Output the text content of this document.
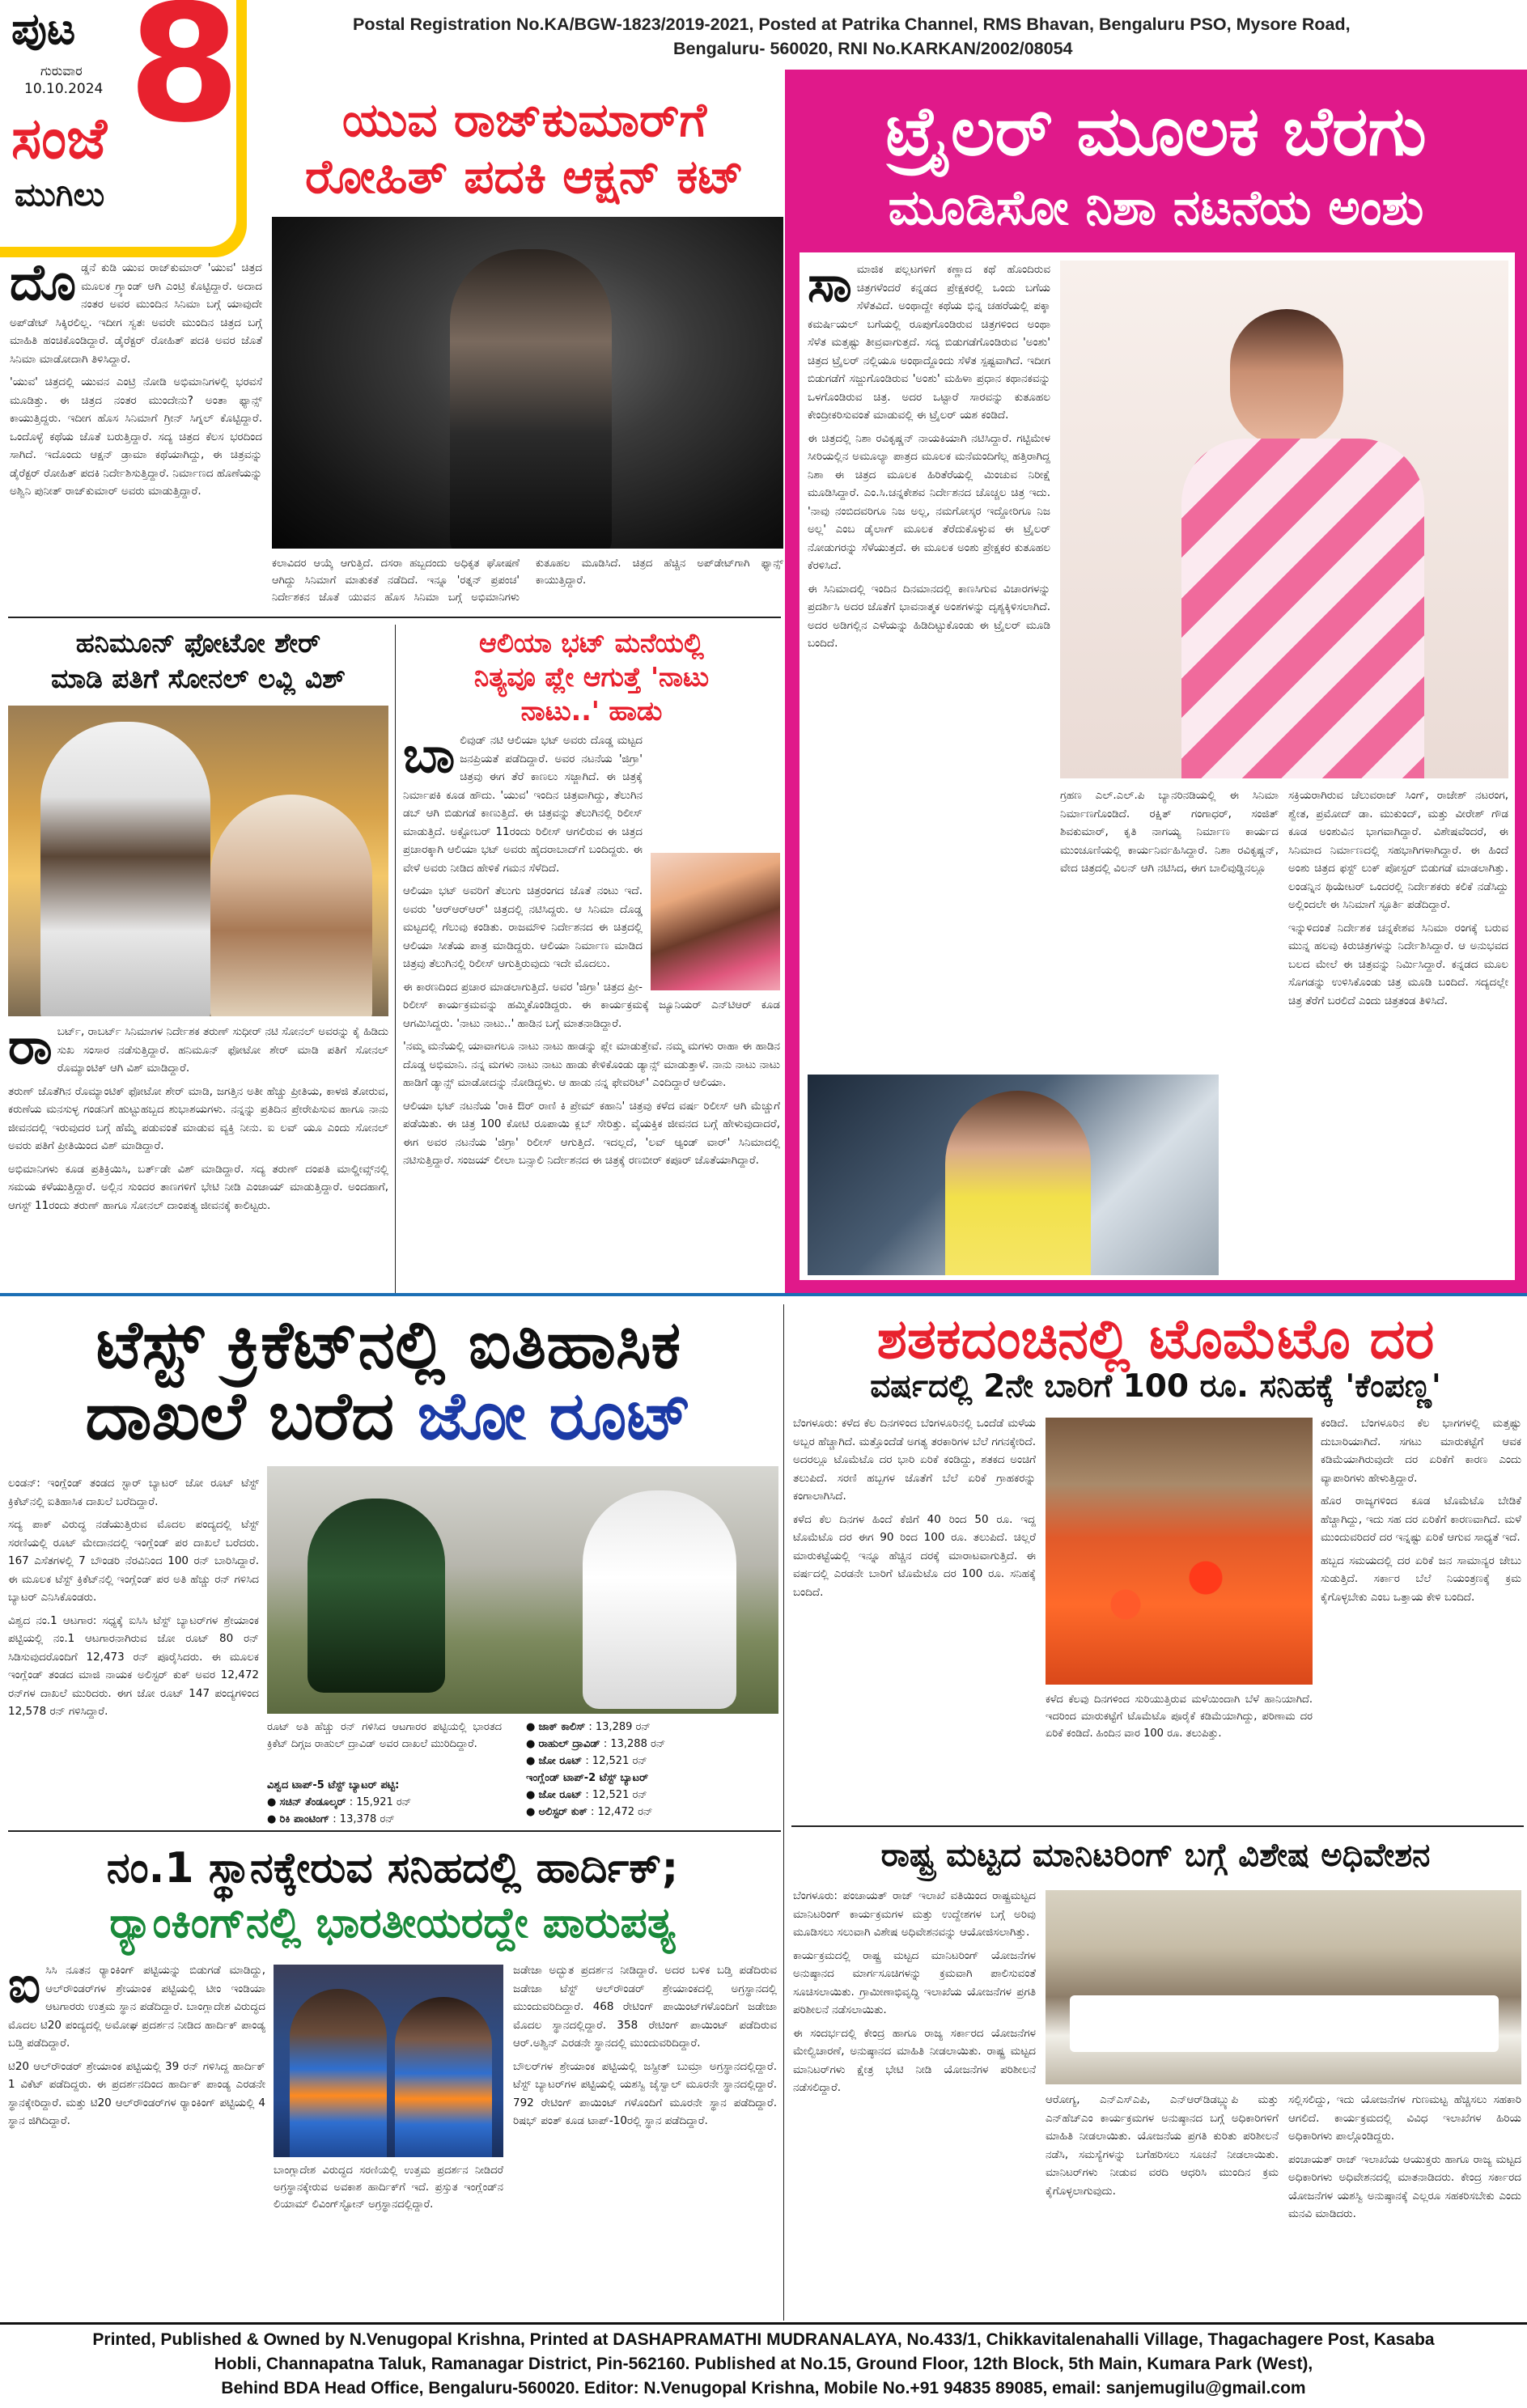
ಪುಟ
ಗುರುವಾರ
10.10.2024 8
ಸಂಜೆ
ಮುಗಿಲು
Postal Registration No.KA/BGW-1823/2019-2021, Posted at Patrika Channel, RMS Bhavan, Bengaluru PSO, Mysore Road,
Bengaluru- 560020, RNI No.KARKAN/2002/08054
ಯುವ ರಾಜ್‌ಕುಮಾರ್‌ಗೆ
ರೋಹಿತ್ ಪದಕಿ ಆಕ್ಷನ್ ಕಟ್
ದೊ ಡ್ಡನೆ ಕುಡಿ ಯುವ ರಾಜ್‌ಕುಮಾರ್ 'ಯುವ' ಚಿತ್ರದ ಮೂಲಕ ಗ್ರ್ಯಾಂಡ್ ಆಗಿ ಎಂಟ್ರಿ ಕೊಟ್ಟಿದ್ದಾರೆ. ಅದಾದ ನಂತರ ಅವರ ಮುಂದಿನ ಸಿನಿಮಾ ಬಗ್ಗೆ ಯಾವುದೇ ಅಪ್‌ಡೇಟ್ ಸಿಕ್ಕಿರಲಿಲ್ಲ. ಇದೀಗ ಸ್ವತಃ ಅವರೇ ಮುಂದಿನ ಚಿತ್ರದ ಬಗ್ಗೆ ಮಾಹಿತಿ ಹಂಚಿಕೊಂಡಿದ್ದಾರೆ. ಡೈರೆಕ್ಟರ್ ರೋಹಿತ್ ಪದಕಿ ಅವರ ಜೊತೆ ಸಿನಿಮಾ ಮಾಡೋದಾಗಿ ತಿಳಿಸಿದ್ದಾರೆ.

'ಯುವ' ಚಿತ್ರದಲ್ಲಿ ಯುವನ ಎಂಟ್ರಿ ನೋಡಿ ಅಭಿಮಾನಿಗಳಲ್ಲಿ ಭರವಸೆ ಮೂಡಿತ್ತು. ಈ ಚಿತ್ರದ ನಂತರ ಮುಂದೇನು? ಅಂತಾ ಫ್ಯಾನ್ಸ್ ಕಾಯುತ್ತಿದ್ದರು. ಇದೀಗ ಹೊಸ ಸಿನಿಮಾಗೆ ಗ್ರೀನ್ ಸಿಗ್ನಲ್ ಕೊಟ್ಟಿದ್ದಾರೆ. ಒಂದೊಳ್ಳೆ ಕಥೆಯ ಜೊತೆ ಬರುತ್ತಿದ್ದಾರೆ. ಸದ್ಯ ಚಿತ್ರದ ಕೆಲಸ ಭರದಿಂದ ಸಾಗಿದೆ. ಇದೊಂದು ಆಕ್ಷನ್ ಡ್ರಾಮಾ ಕಥೆಯಾಗಿದ್ದು, ಈ ಚಿತ್ರವನ್ನು ಡೈರೆಕ್ಟರ್ ರೋಹಿತ್ ಪದಕಿ ನಿರ್ದೇಶಿಸುತ್ತಿದ್ದಾರೆ. ನಿರ್ಮಾಣದ ಹೊಣೆಯನ್ನು ಅಶ್ವಿನಿ ಪುನೀತ್ ರಾಜ್‌ಕುಮಾರ್ ಅವರು ಮಾಡುತ್ತಿದ್ದಾರೆ.

ಕಲಾವಿದರ ಆಯ್ಕೆ ಆಗುತ್ತಿದೆ. ದಸರಾ ಹಬ್ಬದಂದು ಅಧಿಕೃತ ಘೋಷಣೆ ಆಗಿದ್ದು ಸಿನಿಮಾಗೆ ಮಾತುಕತೆ ನಡೆದಿದೆ. ಇನ್ನೂ 'ರತ್ನನ್ ಪ್ರಪಂಚ' ನಿರ್ದೇಶಕನ ಜೊತೆ ಯುವನ ಹೊಸ ಸಿನಿಮಾ ಬಗ್ಗೆ ಅಭಿಮಾನಿಗಳು ಕುತೂಹಲ ಮೂಡಿಸಿದೆ. ಚಿತ್ರದ ಹೆಚ್ಚಿನ ಅಪ್‌ಡೇಟ್‌ಗಾಗಿ ಫ್ಯಾನ್ಸ್ ಕಾಯುತ್ತಿದ್ದಾರೆ.
ಹನಿಮೂನ್ ಫೋಟೋ ಶೇರ್
ಮಾಡಿ ಪತಿಗೆ ಸೋನಲ್ ಲವ್ಲಿ ವಿಶ್
ರಾ ಬರ್ಟ್, ರಾಬರ್ಟ್ ಸಿನಿಮಾಗಳ ನಿರ್ದೇಶಕ ತರುಣ್ ಸುಧೀರ್ ನಟಿ ಸೋನಲ್ ಅವರನ್ನು ಕೈ ಹಿಡಿದು ಸುಖ ಸಂಸಾರ ನಡೆಸುತ್ತಿದ್ದಾರೆ. ಹನಿಮೂನ್ ಫೋಟೋ ಶೇರ್ ಮಾಡಿ ಪತಿಗೆ ಸೋನಲ್ ರೊಮ್ಯಾಂಟಿಕ್ ಆಗಿ ವಿಶ್ ಮಾಡಿದ್ದಾರೆ.

ತರುಣ್ ಜೊತೆಗಿನ ರೊಮ್ಯಾಂಟಿಕ್ ಫೋಟೋ ಶೇರ್ ಮಾಡಿ, ಜಗತ್ತಿನ ಅತೀ ಹೆಚ್ಚು ಪ್ರೀತಿಯ, ಕಾಳಜಿ ತೋರುವ, ಕರುಣೆಯ ಮನಸುಳ್ಳ ಗಂಡನಿಗೆ ಹುಟ್ಟುಹಬ್ಬದ ಶುಭಾಶಯಗಳು. ನನ್ನನ್ನು ಪ್ರತಿದಿನ ಪ್ರೇರೇಪಿಸುವ ಹಾಗೂ ನಾನು ಜೀವನದಲ್ಲಿ ಇರುವುದರ ಬಗ್ಗೆ ಹೆಮ್ಮೆ ಪಡುವಂತೆ ಮಾಡುವ ವ್ಯಕ್ತಿ ನೀನು. ಐ ಲವ್ ಯೂ ಎಂದು ಸೋನಲ್ ಅವರು ಪತಿಗೆ ಪ್ರೀತಿಯಿಂದ ವಿಶ್ ಮಾಡಿದ್ದಾರೆ.

ಅಭಿಮಾನಿಗಳು ಕೂಡ ಪ್ರತಿಕ್ರಿಯಿಸಿ, ಬರ್ತ್‌ಡೇ ವಿಶ್ ಮಾಡಿದ್ದಾರೆ. ಸದ್ಯ ತರುಣ್ ದಂಪತಿ ಮಾಲ್ಡೀವ್ಸ್‌ನಲ್ಲಿ ಸಮಯ ಕಳೆಯುತ್ತಿದ್ದಾರೆ. ಅಲ್ಲಿನ ಸುಂದರ ತಾಣಗಳಿಗೆ ಭೇಟಿ ನೀಡಿ ಎಂಜಾಯ್ ಮಾಡುತ್ತಿದ್ದಾರೆ. ಅಂದಹಾಗೆ, ಆಗಸ್ಟ್ 11ರಂದು ತರುಣ್ ಹಾಗೂ ಸೋನಲ್ ದಾಂಪತ್ಯ ಜೀವನಕ್ಕೆ ಕಾಲಿಟ್ಟರು.

ಆಲಿಯಾ ಭಟ್ ಮನೆಯಲ್ಲಿ
ನಿತ್ಯವೂ ಪ್ಲೇ ಆಗುತ್ತೆ 'ನಾಟು
ನಾಟು..' ಹಾಡು
ಬಾ ಲಿವುಡ್ ನಟಿ ಆಲಿಯಾ ಭಟ್ ಅವರು ದೊಡ್ಡ ಮಟ್ಟದ ಜನಪ್ರಿಯತೆ ಪಡೆದಿದ್ದಾರೆ. ಅವರ ನಟನೆಯ 'ಜಿಗ್ರಾ' ಚಿತ್ರವು ಈಗ ತೆರೆ ಕಾಣಲು ಸಜ್ಜಾಗಿದೆ. ಈ ಚಿತ್ರಕ್ಕೆ ನಿರ್ಮಾಪಕಿ ಕೂಡ ಹೌದು. 'ಯುವ' ಇಂದಿನ ಚಿತ್ರವಾಗಿದ್ದು, ತೆಲುಗಿನ ಡಬ್ ಆಗಿ ಬಿಡುಗಡೆ ಕಾಣುತ್ತಿದೆ. ಈ ಚಿತ್ರವನ್ನು ತೆಲುಗಿನಲ್ಲಿ ರಿಲೀಸ್ ಮಾಡುತ್ತಿದೆ. ಅಕ್ಟೋಬರ್ 11ರಂದು ರಿಲೀಸ್ ಆಗಲಿರುವ ಈ ಚಿತ್ರದ ಪ್ರಚಾರಕ್ಕಾಗಿ ಆಲಿಯಾ ಭಟ್ ಅವರು ಹೈದರಾಬಾದ್‌ಗೆ ಬಂದಿದ್ದರು. ಈ ವೇಳೆ ಅವರು ನೀಡಿದ ಹೇಳಿಕೆ ಗಮನ ಸೆಳೆದಿದೆ.

ಆಲಿಯಾ ಭಟ್ ಅವರಿಗೆ ತೆಲುಗು ಚಿತ್ರರಂಗದ ಜೊತೆ ನಂಟು ಇದೆ. ಅವರು 'ಆರ್‌ಆರ್‌ಆರ್' ಚಿತ್ರದಲ್ಲಿ ನಟಿಸಿದ್ದರು. ಆ ಸಿನಿಮಾ ದೊಡ್ಡ ಮಟ್ಟದಲ್ಲಿ ಗೆಲುವು ಕಂಡಿತು. ರಾಜಮೌಳಿ ನಿರ್ದೇಶನದ ಈ ಚಿತ್ರದಲ್ಲಿ ಆಲಿಯಾ ಸೀತೆಯ ಪಾತ್ರ ಮಾಡಿದ್ದರು. ಆಲಿಯಾ ನಿರ್ಮಾಣ ಮಾಡಿದ ಚಿತ್ರವು ತೆಲುಗಿನಲ್ಲಿ ರಿಲೀಸ್ ಆಗುತ್ತಿರುವುದು ಇದೇ ಮೊದಲು.

ಈ ಕಾರಣದಿಂದ ಪ್ರಚಾರ ಮಾಡಲಾಗುತ್ತಿದೆ. ಅವರ 'ಜಿಗ್ರಾ' ಚಿತ್ರದ ಪ್ರೀ-ರಿಲೀಸ್ ಕಾರ್ಯಕ್ರಮವನ್ನು ಹಮ್ಮಿಕೊಂಡಿದ್ದರು. ಈ ಕಾರ್ಯಕ್ರಮಕ್ಕೆ ಜ್ಯೂನಿಯರ್ ಎನ್‌ಟಿಆರ್ ಕೂಡ ಆಗಮಿಸಿದ್ದರು. 'ನಾಟು ನಾಟು..' ಹಾಡಿನ ಬಗ್ಗೆ ಮಾತನಾಡಿದ್ದಾರೆ.

'ನಮ್ಮ ಮನೆಯಲ್ಲಿ ಯಾವಾಗಲೂ ನಾಟು ನಾಟು ಹಾಡನ್ನು ಪ್ಲೇ ಮಾಡುತ್ತೇವೆ. ನಮ್ಮ ಮಗಳು ರಾಹಾ ಈ ಹಾಡಿನ ದೊಡ್ಡ ಅಭಿಮಾನಿ. ನನ್ನ ಮಗಳು ನಾಟು ನಾಟು ಹಾಡು ಕೇಳಿಕೊಂಡು ಡ್ಯಾನ್ಸ್ ಮಾಡುತ್ತಾಳೆ. ನಾನು ನಾಟು ನಾಟು ಹಾಡಿಗೆ ಡ್ಯಾನ್ಸ್ ಮಾಡೋದನ್ನು ನೋಡಿದ್ದಳು. ಆ ಹಾಡು ನನ್ನ ಫೇವರಿಟ್' ಎಂದಿದ್ದಾರೆ ಆಲಿಯಾ.

ಆಲಿಯಾ ಭಟ್ ನಟನೆಯ 'ರಾಕಿ ಔರ್ ರಾಣಿ ಕಿ ಪ್ರೇಮ್ ಕಹಾನಿ' ಚಿತ್ರವು ಕಳೆದ ವರ್ಷ ರಿಲೀಸ್ ಆಗಿ ಮೆಚ್ಚುಗೆ ಪಡೆಯಿತು. ಈ ಚಿತ್ರ 100 ಕೋಟಿ ರೂಪಾಯಿ ಕ್ಲಬ್ ಸೇರಿತ್ತು. ವೈಯಕ್ತಿಕ ಜೀವನದ ಬಗ್ಗೆ ಹೇಳುವುದಾದರೆ, ಈಗ ಅವರ ನಟನೆಯ 'ಜಿಗ್ರಾ' ರಿಲೀಸ್ ಆಗುತ್ತಿದೆ. ಇದಲ್ಲದೆ, 'ಲವ್ ಆ್ಯಂಡ್ ವಾರ್' ಸಿನಿಮಾದಲ್ಲಿ ನಟಿಸುತ್ತಿದ್ದಾರೆ. ಸಂಜಯ್ ಲೀಲಾ ಬನ್ಸಾಲಿ ನಿರ್ದೇಶನದ ಈ ಚಿತ್ರಕ್ಕೆ ರಣಬೀರ್ ಕಪೂರ್ ಜೊತೆಯಾಗಿದ್ದಾರೆ.

ಟ್ರೈಲರ್ ಮೂಲಕ ಬೆರಗು
ಮೂಡಿಸೋ ನಿಶಾ ನಟನೆಯ ಅಂಶು
ಸಾ ಮಾಜಿಕ ಪಲ್ಲಟಗಳಿಗೆ ಕಣ್ಣಾದ ಕಥೆ ಹೊಂದಿರುವ ಚಿತ್ರಗಳೆಂದರೆ ಕನ್ನಡದ ಪ್ರೇಕ್ಷಕರಲ್ಲಿ ಒಂದು ಬಗೆಯ ಸೆಳೆತವಿದೆ. ಅಂಥಾದ್ದೇ ಕಥೆಯ ಭಿನ್ನ ಚಹರೆಯಲ್ಲಿ ಪಕ್ಕಾ ಕಮರ್ಷಿಯಲ್ ಬಗೆಯಲ್ಲಿ ರೂಪುಗೊಂಡಿರುವ ಚಿತ್ರಗಳಿಂದ ಅಂಥಾ ಸೆಳೆತ ಮತ್ತಷ್ಟು ತೀವ್ರವಾಗುತ್ತದೆ. ಸದ್ಯ ಬಿಡುಗಡೆಗೊಂಡಿರುವ 'ಅಂಶು' ಚಿತ್ರದ ಟ್ರೈಲರ್ ನಲ್ಲಿಯೂ ಅಂಥಾದ್ದೊಂದು ಸೆಳೆತ ಸ್ಪಷ್ಟವಾಗಿದೆ. ಇದೀಗ ಬಿಡುಗಡೆಗೆ ಸಜ್ಜುಗೊಂಡಿರುವ 'ಅಂಶು' ಮಹಿಳಾ ಪ್ರಧಾನ ಕಥಾನಕವನ್ನು ಒಳಗೊಂಡಿರುವ ಚಿತ್ರ. ಅದರ ಒಟ್ಟಾರೆ ಸಾರವನ್ನು ಕುತೂಹಲ ಕೇಂದ್ರೀಕರಿಸುವಂತೆ ಮಾಡುವಲ್ಲಿ ಈ ಟ್ರೈಲರ್ ಯಶ ಕಂಡಿದೆ.

ಈ ಚಿತ್ರದಲ್ಲಿ ನಿಶಾ ರವಿಕೃಷ್ಣನ್ ನಾಯಕಿಯಾಗಿ ನಟಿಸಿದ್ದಾರೆ. ಗಟ್ಟಿಮೇಳ ಸೀರಿಯಲ್ಲಿನ ಅಮೂಲ್ಯಾ ಪಾತ್ರದ ಮೂಲಕ ಮನೆಮಂದಿಗೆಲ್ಲ ಹತ್ತಿರಾಗಿದ್ದ ನಿಶಾ ಈ ಚಿತ್ರದ ಮೂಲಕ ಹಿರಿತೆರೆಯಲ್ಲಿ ಮಿಂಚುವ ನಿರೀಕ್ಷೆ ಮೂಡಿಸಿದ್ದಾರೆ. ಎಂ.ಸಿ.ಚನ್ನಕೇಶವ ನಿರ್ದೇಶನದ ಚೊಚ್ಚಲ ಚಿತ್ರ ಇದು. 'ನಾವು ನಂಬಿದವರಿಗೂ ನಿಜ ಅಲ್ಲ, ನಮಗೋಸ್ಕರ ಇದ್ದೋರಿಗೂ ನಿಜ ಅಲ್ಲ' ಎಂಬ ಡೈಲಾಗ್ ಮೂಲಕ ತೆರೆದುಕೊಳ್ಳುವ ಈ ಟ್ರೈಲರ್ ನೋಡುಗರನ್ನು ಸೆಳೆಯುತ್ತದೆ. ಈ ಮೂಲಕ ಅಂಶು ಪ್ರೇಕ್ಷಕರ ಕುತೂಹಲ ಕೆರಳಿಸಿದೆ.

ಈ ಸಿನಿಮಾದಲ್ಲಿ ಇಂದಿನ ದಿನಮಾನದಲ್ಲಿ ಕಾಣಸಿಗುವ ವಿಚಾರಗಳನ್ನು ಪ್ರದರ್ಶಿಸಿ ಅದರ ಜೊತೆಗೆ ಭಾವನಾತ್ಮಕ ಅಂಶಗಳನ್ನು ದೃಶ್ಯಕ್ಕಿಳಿಸಲಾಗಿದೆ. ಅದರ ಅಡಿಗಲ್ಲಿನ ಎಳೆಯನ್ನು ಹಿಡಿದಿಟ್ಟುಕೊಂಡು ಈ ಟ್ರೈಲರ್ ಮೂಡಿ ಬಂದಿದೆ.

ಗ್ರಹಣ ಎಲ್.ಎಲ್.ಪಿ ಬ್ಯಾನರಿನಡಿಯಲ್ಲಿ ಈ ಸಿನಿಮಾ ನಿರ್ಮಾಣಗೊಂಡಿದೆ. ರಕ್ಷಿತ್ ಗಂಗಾಧರ್, ಸಂಜಿತ್ ಶಿವಕುಮಾರ್, ಕೃತಿ ನಾಗಯ್ಯ ನಿರ್ಮಾಣ ಕಾರ್ಯದ ಮುಂಚೂಣಿಯಲ್ಲಿ ಕಾರ್ಯನಿರ್ವಹಿಸಿದ್ದಾರೆ. ನಿಶಾ ರವಿಕೃಷ್ಣನ್, ವೇದ ಚಿತ್ರದಲ್ಲಿ ವಿಲನ್ ಆಗಿ ನಟಿಸಿದ, ಈಗ ಬಾಲಿವುಡ್ಡಿನಲ್ಲೂ

ಸಕ್ರಿಯರಾಗಿರುವ ಚೆಲುವರಾಜ್ ಸಿಂಗ್, ರಾಜೇಶ್ ನಟರಂಗ, ಶ್ವೇತ, ಪ್ರಮೋದ್ ಡಾ. ಮುಕುಂದ್, ಮತ್ತು ವೀರೇಶ್ ಗೌಡ ಕೂಡ ಅಂಶುವಿನ ಭಾಗವಾಗಿದ್ದಾರೆ. ವಿಶೇಷವೆಂದರೆ, ಈ ಸಿನಿಮಾದ ನಿರ್ಮಾಣದಲ್ಲಿ ಸಹಭಾಗಿಗಳಾಗಿದ್ದಾರೆ. ಈ ಹಿಂದೆ ಅಂಶು ಚಿತ್ರದ ಫಸ್ಟ್ ಲುಕ್ ಪೋಸ್ಟರ್ ಬಿಡುಗಡೆ ಮಾಡಲಾಗಿತ್ತು. ಲಂಡನ್ನಿನ ಥಿಯೇಟರ್ ಒಂದರಲ್ಲಿ ನಿರ್ದೇಶಕರು ಕಲಿಕೆ ನಡೆಸಿದ್ದು ಅಲ್ಲಿಂದಲೇ ಈ ಸಿನಿಮಾಗೆ ಸ್ಫೂರ್ತಿ ಪಡೆದಿದ್ದಾರೆ.

ಇನ್ನುಳಿದಂತೆ ನಿರ್ದೇಶಕ ಚನ್ನಕೇಶವ ಸಿನಿಮಾ ರಂಗಕ್ಕೆ ಬರುವ ಮುನ್ನ ಹಲವು ಕಿರುಚಿತ್ರಗಳನ್ನು ನಿರ್ದೇಶಿಸಿದ್ದಾರೆ. ಆ ಅನುಭವದ ಬಲದ ಮೇಲೆ ಈ ಚಿತ್ರವನ್ನು ನಿರ್ಮಿಸಿದ್ದಾರೆ. ಕನ್ನಡದ ಮೂಲ ಸೊಗಡನ್ನು ಉಳಿಸಿಕೊಂಡು ಚಿತ್ರ ಮೂಡಿ ಬಂದಿದೆ. ಸದ್ಯದಲ್ಲೇ ಚಿತ್ರ ತೆರೆಗೆ ಬರಲಿದೆ ಎಂದು ಚಿತ್ರತಂಡ ತಿಳಿಸಿದೆ.

ಟೆಸ್ಟ್ ಕ್ರಿಕೆಟ್‌ನಲ್ಲಿ ಐತಿಹಾಸಿಕ
ದಾಖಲೆ ಬರೆದ ಜೋ ರೂಟ್

ಲಂಡನ್: ಇಂಗ್ಲೆಂಡ್ ತಂಡದ ಸ್ಟಾರ್ ಬ್ಯಾಟರ್ ಜೋ ರೂಟ್ ಟೆಸ್ಟ್ ಕ್ರಿಕೆಟ್‌ನಲ್ಲಿ ಐತಿಹಾಸಿಕ ದಾಖಲೆ ಬರೆದಿದ್ದಾರೆ.

ಸದ್ಯ ಪಾಕ್ ವಿರುದ್ಧ ನಡೆಯುತ್ತಿರುವ ಮೊದಲ ಪಂದ್ಯದಲ್ಲಿ ಟೆಸ್ಟ್ ಸರಣಿಯಲ್ಲಿ ರೂಟ್ ಮೇದಾನದಲ್ಲಿ ಇಂಗ್ಲೆಂಡ್ ಪರ ದಾಖಲೆ ಬರೆದರು. 167 ಎಸೆತಗಳಲ್ಲಿ 7 ಬೌಂಡರಿ ನೆರವಿನಿಂದ 100 ರನ್ ಬಾರಿಸಿದ್ದಾರೆ. ಈ ಮೂಲಕ ಟೆಸ್ಟ್ ಕ್ರಿಕೆಟ್‌ನಲ್ಲಿ ಇಂಗ್ಲೆಂಡ್ ಪರ ಅತಿ ಹೆಚ್ಚು ರನ್ ಗಳಿಸಿದ ಬ್ಯಾಟರ್ ಎನಿಸಿಕೊಂಡರು.

ವಿಶ್ವದ ನಂ.1 ಆಟಗಾರ: ಸಧ್ಯಕ್ಕೆ ಐಸಿಸಿ ಟೆಸ್ಟ್ ಬ್ಯಾಟರ್‌ಗಳ ಶ್ರೇಯಾಂಕ ಪಟ್ಟಿಯಲ್ಲಿ ನಂ.1 ಆಟಗಾರನಾಗಿರುವ ಜೋ ರೂಟ್ 80 ರನ್ ಸಿಡಿಸುವುದರೊಂದಿಗೆ 12,473 ರನ್ ಪೂರೈಸಿದರು. ಈ ಮೂಲಕ ಇಂಗ್ಲೆಂಡ್ ತಂಡದ ಮಾಜಿ ನಾಯಕ ಅಲಿಸ್ಟರ್ ಕುಕ್ ಅವರ 12,472 ರನ್‌ಗಳ ದಾಖಲೆ ಮುರಿದರು. ಈಗ ಜೋ ರೂಟ್ 147 ಪಂದ್ಯಗಳಿಂದ 12,578 ರನ್ ಗಳಿಸಿದ್ದಾರೆ.

ರೂಟ್ ಅತಿ ಹೆಚ್ಚು ರನ್ ಗಳಿಸಿದ ಆಟಗಾರರ ಪಟ್ಟಿಯಲ್ಲಿ ಭಾರತದ ಕ್ರಿಕೆಟ್ ದಿಗ್ಗಜ ರಾಹುಲ್ ದ್ರಾವಿಡ್ ಅವರ ದಾಖಲೆ ಮುರಿದಿದ್ದಾರೆ.
ವಿಶ್ವದ ಟಾಪ್-5 ಟೆಸ್ಟ್ ಬ್ಯಾಟರ್ ಪಟ್ಟಿ:
● ಸಚಿನ್ ತೆಂಡೂಲ್ಕರ್ : 15,921 ರನ್
● ರಿಕಿ ಪಾಂಟಿಂಗ್ : 13,378 ರನ್
● ಜಾಕ್ ಕಾಲಿಸ್ : 13,289 ರನ್
● ರಾಹುಲ್ ದ್ರಾವಿಡ್ : 13,288 ರನ್
● ಜೋ ರೂಟ್ : 12,521 ರನ್
ಇಂಗ್ಲೆಂಡ್ ಟಾಪ್-2 ಟೆಸ್ಟ್ ಬ್ಯಾಟರ್
● ಜೋ ರೂಟ್ : 12,521 ರನ್
● ಅಲಿಸ್ಟರ್ ಕುಕ್ : 12,472 ರನ್
ನಂ.1 ಸ್ಥಾನಕ್ಕೇರುವ ಸನಿಹದಲ್ಲಿ ಹಾರ್ದಿಕ್;
ರ್‍ಯಾಂಕಿಂಗ್‌ನಲ್ಲಿ ಭಾರತೀಯರದ್ದೇ ಪಾರುಪತ್ಯ
ಐ ಸಿಸಿ ನೂತನ ರ್‍ಯಾಂಕಿಂಗ್ ಪಟ್ಟಿಯನ್ನು ಬಿಡುಗಡೆ ಮಾಡಿದ್ದು, ಆಲ್‌ರೌಂಡರ್‌ಗಳ ಶ್ರೇಯಾಂಕ ಪಟ್ಟಿಯಲ್ಲಿ ಟೀಂ ಇಂಡಿಯಾ ಆಟಗಾರರು ಉತ್ತಮ ಸ್ಥಾನ ಪಡೆದಿದ್ದಾರೆ. ಬಾಂಗ್ಲಾದೇಶ ವಿರುದ್ಧದ ಮೊದಲ ಟಿ20 ಪಂದ್ಯದಲ್ಲಿ ಅಮೋಘ ಪ್ರದರ್ಶನ ನೀಡಿದ ಹಾರ್ದಿಕ್ ಪಾಂಡ್ಯ ಬಡ್ತಿ ಪಡೆದಿದ್ದಾರೆ.

ಟಿ20 ಆಲ್‌ರೌಂಡರ್ ಶ್ರೇಯಾಂಕ ಪಟ್ಟಿಯಲ್ಲಿ 39 ರನ್ ಗಳಿಸಿದ್ದ ಹಾರ್ದಿಕ್ 1 ವಿಕೆಟ್ ಪಡೆದಿದ್ದರು. ಈ ಪ್ರದರ್ಶನದಿಂದ ಹಾರ್ದಿಕ್ ಪಾಂಡ್ಯ ಎರಡನೇ ಸ್ಥಾನಕ್ಕೇರಿದ್ದಾರೆ. ಮತ್ತು ಟಿ20 ಆಲ್‌ರೌಂಡರ್‌ಗಳ ರ್‍ಯಾಂಕಿಂಗ್ ಪಟ್ಟಿಯಲ್ಲಿ 4 ಸ್ಥಾನ ಜಿಗಿದಿದ್ದಾರೆ.

ಬಾಂಗ್ಲಾದೇಶ ವಿರುದ್ಧದ ಸರಣಿಯಲ್ಲಿ ಉತ್ತಮ ಪ್ರದರ್ಶನ ನೀಡಿದರೆ ಅಗ್ರಸ್ಥಾನಕ್ಕೇರುವ ಅವಕಾಶ ಹಾರ್ದಿಕ್‌ಗೆ ಇದೆ. ಪ್ರಸ್ತುತ ಇಂಗ್ಲೆಂಡ್‌ನ ಲಿಯಾಮ್ ಲಿವಿಂಗ್‌ಸ್ಟೋನ್ ಅಗ್ರಸ್ಥಾನದಲ್ಲಿದ್ದಾರೆ.

ಜಡೇಜಾ ಅದ್ಭುತ ಪ್ರದರ್ಶನ ನೀಡಿದ್ದಾರೆ. ಅದರ ಬಳಿಕ ಬಡ್ತಿ ಪಡೆದಿರುವ ಜಡೇಜಾ ಟೆಸ್ಟ್ ಆಲ್‌ರೌಂಡರ್ ಶ್ರೇಯಾಂಕದಲ್ಲಿ ಅಗ್ರಸ್ಥಾನದಲ್ಲಿ ಮುಂದುವರಿದಿದ್ದಾರೆ. 468 ರೇಟಿಂಗ್ ಪಾಯಿಂಟ್‌ಗಳೊಂದಿಗೆ ಜಡೇಜಾ ಮೊದಲ ಸ್ಥಾನದಲ್ಲಿದ್ದಾರೆ. 358 ರೇಟಿಂಗ್ ಪಾಯಿಂಟ್ ಪಡೆದಿರುವ ಆರ್.ಅಶ್ವಿನ್ ಎರಡನೇ ಸ್ಥಾನದಲ್ಲಿ ಮುಂದುವರಿದಿದ್ದಾರೆ.

ಬೌಲರ್‌ಗಳ ಶ್ರೇಯಾಂಕ ಪಟ್ಟಿಯಲ್ಲಿ ಜಸ್ಪ್ರೀತ್ ಬುಮ್ರಾ ಅಗ್ರಸ್ಥಾನದಲ್ಲಿದ್ದಾರೆ. ಟೆಸ್ಟ್ ಬ್ಯಾಟರ್‌ಗಳ ಪಟ್ಟಿಯಲ್ಲಿ ಯಶಸ್ವಿ ಜೈಸ್ವಾಲ್ ಮೂರನೇ ಸ್ಥಾನದಲ್ಲಿದ್ದಾರೆ. 792 ರೇಟಿಂಗ್ ಪಾಯಿಂಟ್ ಗಳೊಂದಿಗೆ ಮೂರನೇ ಸ್ಥಾನ ಪಡೆದಿದ್ದಾರೆ. ರಿಷಭ್ ಪಂತ್ ಕೂಡ ಟಾಪ್-10ರಲ್ಲಿ ಸ್ಥಾನ ಪಡೆದಿದ್ದಾರೆ.

ಶತಕದಂಚಿನಲ್ಲಿ ಟೊಮೆಟೊ ದರ
ವರ್ಷದಲ್ಲಿ 2ನೇ ಬಾರಿಗೆ 100 ರೂ. ಸನಿಹಕ್ಕೆ 'ಕೆಂಪಣ್ಣ'

ಬೆಂಗಳೂರು: ಕಳೆದ ಕೆಲ ದಿನಗಳಿಂದ ಬೆಂಗಳೂರಿನಲ್ಲಿ ಒಂದೆಡೆ ಮಳೆಯ ಅಬ್ಬರ ಹೆಚ್ಚಾಗಿದೆ. ಮತ್ತೊಂದೆಡೆ ಅಗತ್ಯ ತರಕಾರಿಗಳ ಬೆಲೆ ಗಗನಕ್ಕೇರಿದೆ. ಅದರಲ್ಲೂ ಟೊಮೆಟೊ ದರ ಭಾರಿ ಏರಿಕೆ ಕಂಡಿದ್ದು, ಶತಕದ ಅಂಚಿಗೆ ತಲುಪಿದೆ. ಸರಣಿ ಹಬ್ಬಗಳ ಜೊತೆಗೆ ಬೆಲೆ ಏರಿಕೆ ಗ್ರಾಹಕರನ್ನು ಕಂಗಾಲಾಗಿಸಿದೆ.

ಕಳೆದ ಕೆಲ ದಿನಗಳ ಹಿಂದೆ ಕೆಜಿಗೆ 40 ರಿಂದ 50 ರೂ. ಇದ್ದ ಟೊಮೆಟೊ ದರ ಈಗ 90 ರಿಂದ 100 ರೂ. ತಲುಪಿದೆ. ಚಿಲ್ಲರೆ ಮಾರುಕಟ್ಟೆಯಲ್ಲಿ ಇನ್ನೂ ಹೆಚ್ಚಿನ ದರಕ್ಕೆ ಮಾರಾಟವಾಗುತ್ತಿದೆ. ಈ ವರ್ಷದಲ್ಲಿ ಎರಡನೇ ಬಾರಿಗೆ ಟೊಮೆಟೊ ದರ 100 ರೂ. ಸನಿಹಕ್ಕೆ ಬಂದಿದೆ.

ಕಳೆದ ಕೆಲವು ದಿನಗಳಿಂದ ಸುರಿಯುತ್ತಿರುವ ಮಳೆಯಿಂದಾಗಿ ಬೆಳೆ ಹಾನಿಯಾಗಿದೆ. ಇದರಿಂದ ಮಾರುಕಟ್ಟೆಗೆ ಟೊಮೆಟೊ ಪೂರೈಕೆ ಕಡಿಮೆಯಾಗಿದ್ದು, ಪರಿಣಾಮ ದರ ಏರಿಕೆ ಕಂಡಿದೆ. ಹಿಂದಿನ ವಾರ 100 ರೂ. ತಲುಪಿತ್ತು.

ಕಂಡಿದೆ. ಬೆಂಗಳೂರಿನ ಕೆಲ ಭಾಗಗಳಲ್ಲಿ ಮತ್ತಷ್ಟು ದುಬಾರಿಯಾಗಿದೆ. ಸಗಟು ಮಾರುಕಟ್ಟೆಗೆ ಆವಕ ಕಡಿಮೆಯಾಗಿರುವುದೇ ದರ ಏರಿಕೆಗೆ ಕಾರಣ ಎಂದು ವ್ಯಾಪಾರಿಗಳು ಹೇಳುತ್ತಿದ್ದಾರೆ.

ಹೊರ ರಾಜ್ಯಗಳಿಂದ ಕೂಡ ಟೊಮೆಟೊ ಬೇಡಿಕೆ ಹೆಚ್ಚಾಗಿದ್ದು, ಇದು ಸಹ ದರ ಏರಿಕೆಗೆ ಕಾರಣವಾಗಿದೆ. ಮಳೆ ಮುಂದುವರಿದರೆ ದರ ಇನ್ನಷ್ಟು ಏರಿಕೆ ಆಗುವ ಸಾಧ್ಯತೆ ಇದೆ.

ಹಬ್ಬದ ಸಮಯದಲ್ಲಿ ದರ ಏರಿಕೆ ಜನ ಸಾಮಾನ್ಯರ ಜೇಬು ಸುಡುತ್ತಿದೆ. ಸರ್ಕಾರ ಬೆಲೆ ನಿಯಂತ್ರಣಕ್ಕೆ ಕ್ರಮ ಕೈಗೊಳ್ಳಬೇಕು ಎಂಬ ಒತ್ತಾಯ ಕೇಳಿ ಬಂದಿದೆ.

ರಾಷ್ಟ್ರ ಮಟ್ಟದ ಮಾನಿಟರಿಂಗ್ ಬಗ್ಗೆ ವಿಶೇಷ ಅಧಿವೇಶನ

ಬೆಂಗಳೂರು: ಪಂಚಾಯತ್ ರಾಜ್ ಇಲಾಖೆ ವತಿಯಿಂದ ರಾಷ್ಟ್ರಮಟ್ಟದ ಮಾನಿಟರಿಂಗ್ ಕಾರ್ಯಕ್ರಮಗಳ ಮತ್ತು ಉದ್ದೇಶಗಳ ಬಗ್ಗೆ ಅರಿವು ಮೂಡಿಸಲು ಸಲುವಾಗಿ ವಿಶೇಷ ಅಧಿವೇಶನವನ್ನು ಆಯೋಜಿಸಲಾಗಿತ್ತು.

ಕಾರ್ಯಕ್ರಮದಲ್ಲಿ ರಾಷ್ಟ್ರ ಮಟ್ಟದ ಮಾನಿಟರಿಂಗ್ ಯೋಜನೆಗಳ ಅನುಷ್ಠಾನದ ಮಾರ್ಗಸೂಚಿಗಳನ್ನು ಕ್ರಮವಾಗಿ ಪಾಲಿಸುವಂತೆ ಸೂಚಿಸಲಾಯಿತು. ಗ್ರಾಮೀಣಾಭಿವೃದ್ಧಿ ಇಲಾಖೆಯ ಯೋಜನೆಗಳ ಪ್ರಗತಿ ಪರಿಶೀಲನೆ ನಡೆಸಲಾಯಿತು.

ಈ ಸಂದರ್ಭದಲ್ಲಿ ಕೇಂದ್ರ ಹಾಗೂ ರಾಜ್ಯ ಸರ್ಕಾರದ ಯೋಜನೆಗಳ ಮೇಲ್ವಿಚಾರಣೆ, ಅನುಷ್ಠಾನದ ಮಾಹಿತಿ ನೀಡಲಾಯಿತು. ರಾಷ್ಟ್ರ ಮಟ್ಟದ ಮಾನಿಟರ್‌ಗಳು ಕ್ಷೇತ್ರ ಭೇಟಿ ನೀಡಿ ಯೋಜನೆಗಳ ಪರಿಶೀಲನೆ ನಡೆಸಲಿದ್ದಾರೆ.

ಆರೋಗ್ಯ, ಎನ್‌ಎಸ್‌ಎಪಿ, ಎನ್‌ಆರ್‌ಡಿಡಬ್ಲ್ಯುಪಿ ಮತ್ತು ಎನ್‌ಹೆಚ್‌ಎಂ ಕಾರ್ಯಕ್ರಮಗಳ ಅನುಷ್ಠಾನದ ಬಗ್ಗೆ ಅಧಿಕಾರಿಗಳಿಗೆ ಮಾಹಿತಿ ನೀಡಲಾಯಿತು. ಯೋಜನೆಯ ಪ್ರಗತಿ ಕುರಿತು ಪರಿಶೀಲನೆ ನಡೆಸಿ, ಸಮಸ್ಯೆಗಳನ್ನು ಬಗೆಹರಿಸಲು ಸೂಚನೆ ನೀಡಲಾಯಿತು. ಮಾನಿಟರ್‌ಗಳು ನೀಡುವ ವರದಿ ಆಧರಿಸಿ ಮುಂದಿನ ಕ್ರಮ ಕೈಗೊಳ್ಳಲಾಗುವುದು.

ಸಲ್ಲಿಸಲಿದ್ದು, ಇದು ಯೋಜನೆಗಳ ಗುಣಮಟ್ಟ ಹೆಚ್ಚಿಸಲು ಸಹಕಾರಿ ಆಗಲಿದೆ. ಕಾರ್ಯಕ್ರಮದಲ್ಲಿ ವಿವಿಧ ಇಲಾಖೆಗಳ ಹಿರಿಯ ಅಧಿಕಾರಿಗಳು ಪಾಲ್ಗೊಂಡಿದ್ದರು.

ಪಂಚಾಯತ್ ರಾಜ್ ಇಲಾಖೆಯ ಆಯುಕ್ತರು ಹಾಗೂ ರಾಜ್ಯ ಮಟ್ಟದ ಅಧಿಕಾರಿಗಳು ಅಧಿವೇಶನದಲ್ಲಿ ಮಾತನಾಡಿದರು. ಕೇಂದ್ರ ಸರ್ಕಾರದ ಯೋಜನೆಗಳ ಯಶಸ್ವಿ ಅನುಷ್ಠಾನಕ್ಕೆ ಎಲ್ಲರೂ ಸಹಕರಿಸಬೇಕು ಎಂದು ಮನವಿ ಮಾಡಿದರು.

Printed, Published & Owned by N.Venugopal Krishna, Printed at DASHAPRAMATHI MUDRANALAYA, No.433/1, Chikkavitalenahalli Village, Thagachagere Post, Kasaba
Hobli, Channapatna Taluk, Ramanagar District, Pin-562160. Published at No.15, Ground Floor, 12th Block, 5th Main, Kumara Park (West),
Behind BDA Head Office, Bengaluru-560020. Editor: N.Venugopal Krishna, Mobile No.+91 94835 89085, email: sanjemugilu@gmail.com
